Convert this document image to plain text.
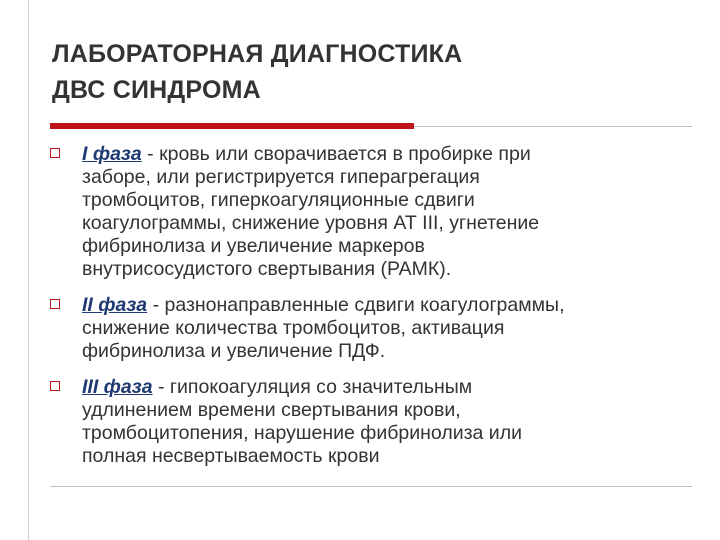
ЛАБОРАТОРНАЯ ДИАГНОСТИКА
ДВС СИНДРОМА
I фаза - кровь или сворачивается в пробирке при
заборе, или регистрируется гиперагрегация
тромбоцитов, гиперкоагуляционные сдвиги
коагулограммы, снижение уровня АТ III, угнетение
фибринолиза и увеличение маркеров
внутрисосудистого свертывания (РАМК).
II фаза - разнонаправленные сдвиги коагулограммы,
снижение количества тромбоцитов, активация
фибринолиза и увеличение ПДФ.
III фаза - гипокоагуляция со значительным
удлинением времени свертывания крови,
тромбоцитопения, нарушение фибринолиза или
полная несвертываемость крови
